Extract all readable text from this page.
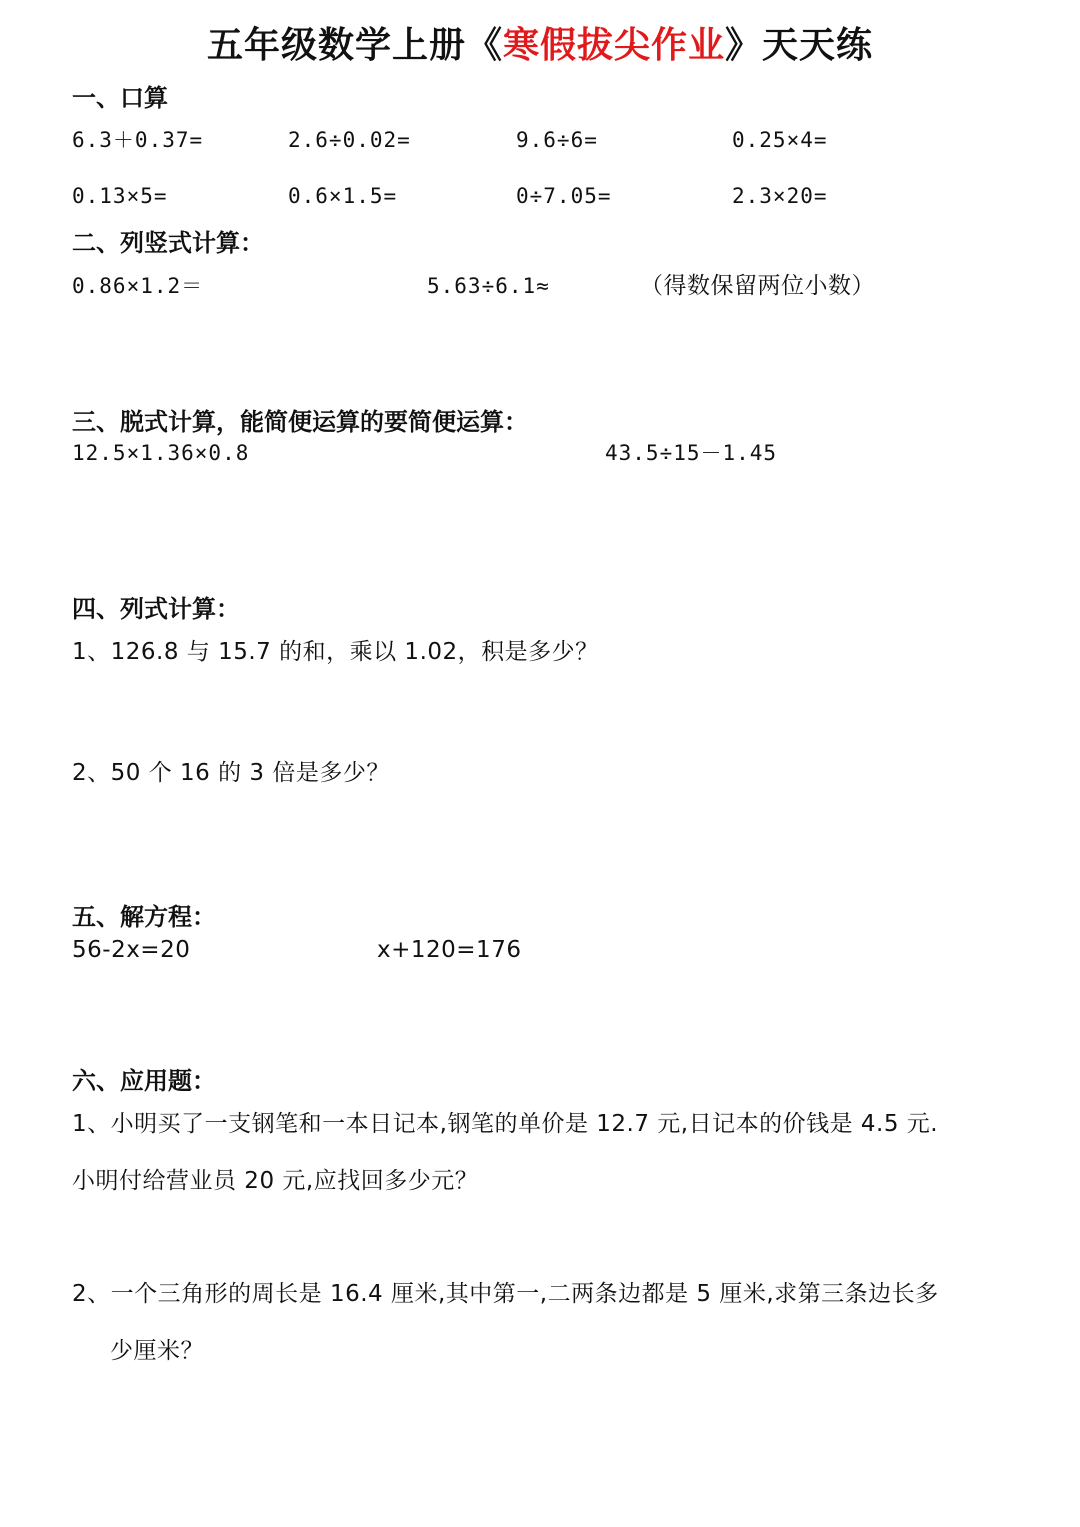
五年级数学上册《寒假拔尖作业》天天练
一、口算
6.3＋0.37=	2.6÷0.02=	9.6÷6=	0.25×4=
0.13×5=	0.6×1.5=	0÷7.05=	2.3×20=
二、列竖式计算：
0.86×1.2＝	5.63÷6.1≈	（得数保留两位小数）
三、脱式计算，能简便运算的要简便运算：
12.5×1.36×0.8	43.5÷15－1.45
四、列式计算：
1、126.8 与 15.7 的和，乘以 1.02，积是多少？
2、50 个 16 的 3 倍是多少？
五、解方程：
56-2x=20	x+120=176
六、应用题：
1、小明买了一支钢笔和一本日记本,钢笔的单价是 12.7 元,日记本的价钱是 4.5 元.
小明付给营业员 20 元,应找回多少元？
2、一个三角形的周长是 16.4 厘米,其中第一,二两条边都是 5 厘米,求第三条边长多
少厘米？
